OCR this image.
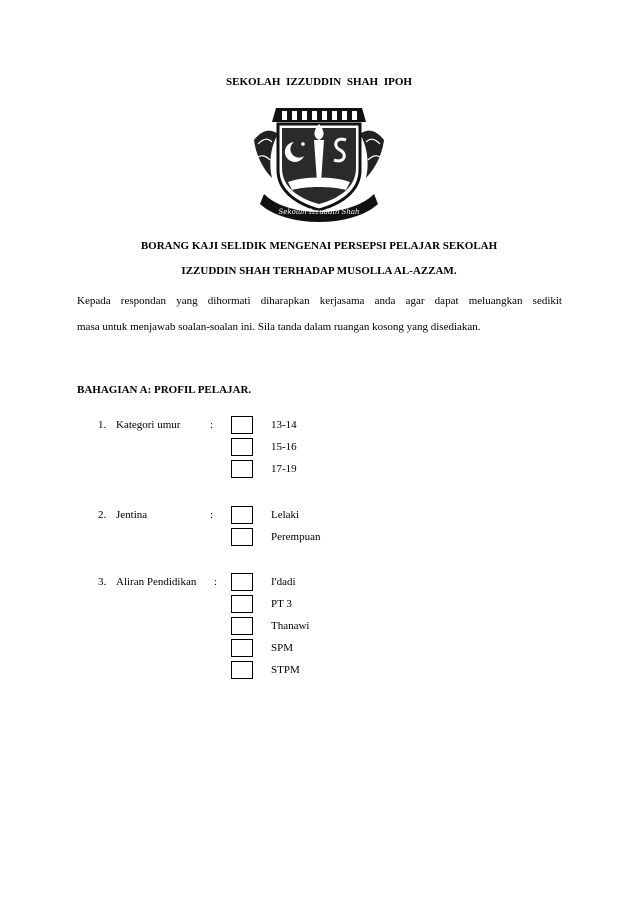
SEKOLAH IZZUDDIN SHAH IPOH
Sekolah Izzuddin Shah
BORANG KAJI SELIDIK MENGENAI PERSEPSI PELAJAR SEKOLAH
IZZUDDIN SHAH TERHADAP MUSOLLA AL-AZZAM.
Kepada respondan yang dihormati diharapkan kerjasama anda agar dapat meluangkan sedikit
masa untuk menjawab soalan-soalan ini. Sila tanda dalam ruangan kosong yang disediakan.
BAHAGIAN A: PROFIL PELAJAR.
1. Kategori umur	:	13-14
15-16
17-19
2. Jentina	:	Lelaki
Perempuan
3. Aliran Pendidikan :	I'dadi
PT 3
Thanawi
SPM
STPM
